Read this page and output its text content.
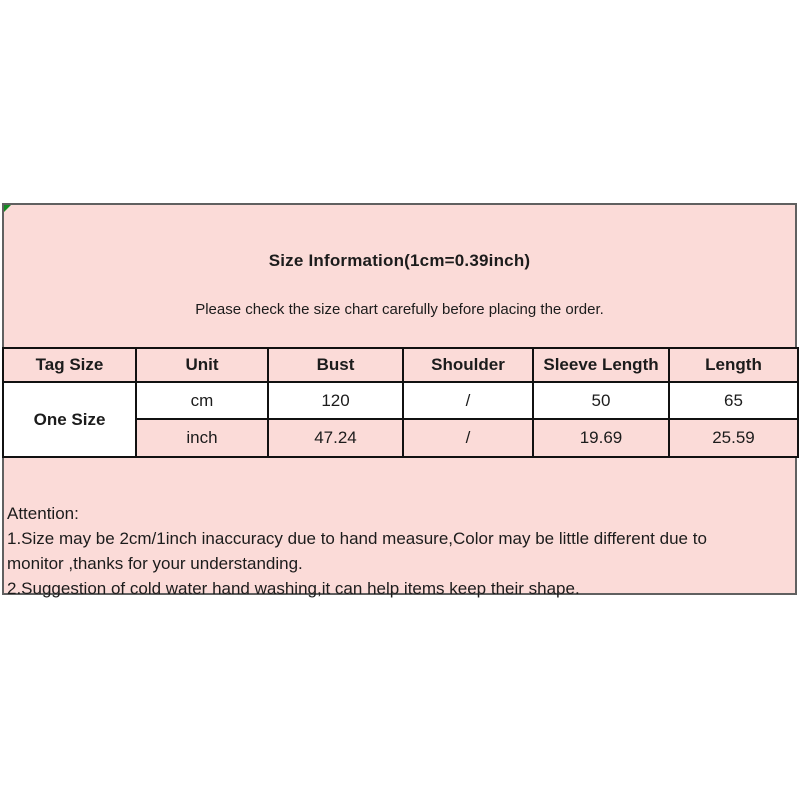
Size Information(1cm=0.39inch)
Please check the size chart carefully before placing the order.
Attention:
1.Size may be 2cm/1inch inaccuracy due to hand measure,Color may be little different due to
monitor ,thanks for your understanding.
2.Suggestion of cold water hand washing,it can help items keep their shape.
Tag Size	Unit	Bust	Shoulder	Sleeve Length	Length
One Size	cm	120	/	50	65
	inch	47.24	/	19.69	25.59
